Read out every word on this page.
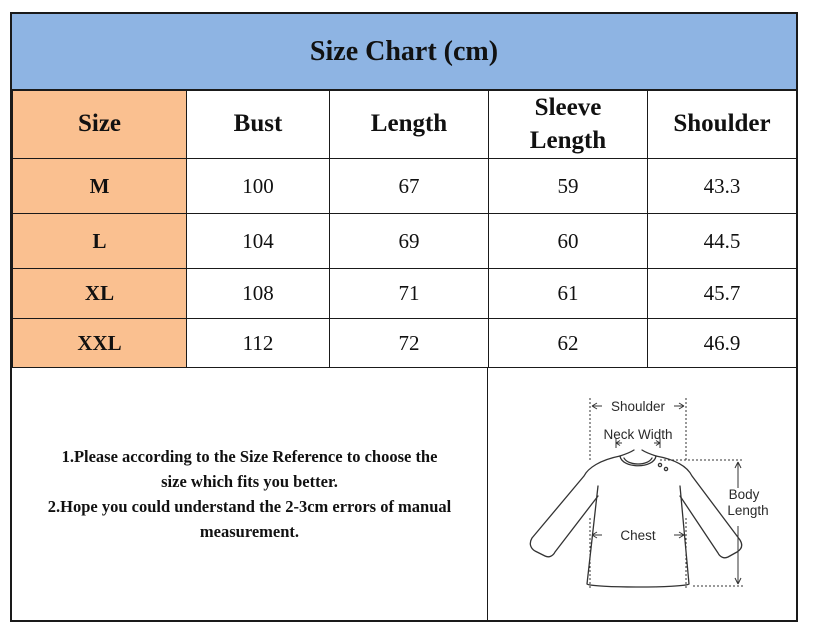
Size Chart (cm)
Size	Bust	Length	Sleeve Length	Shoulder
M	100	67	59	43.3
L	104	69	60	44.5
XL	108	71	61	45.7
XXL	112	72	62	46.9

1.Please according to the Size Reference to choose the

size which fits you better.

2.Hope you could understand the 2-3cm errors of manual

measurement.

Shoulder
Neck Width
Chest
Body
Length
